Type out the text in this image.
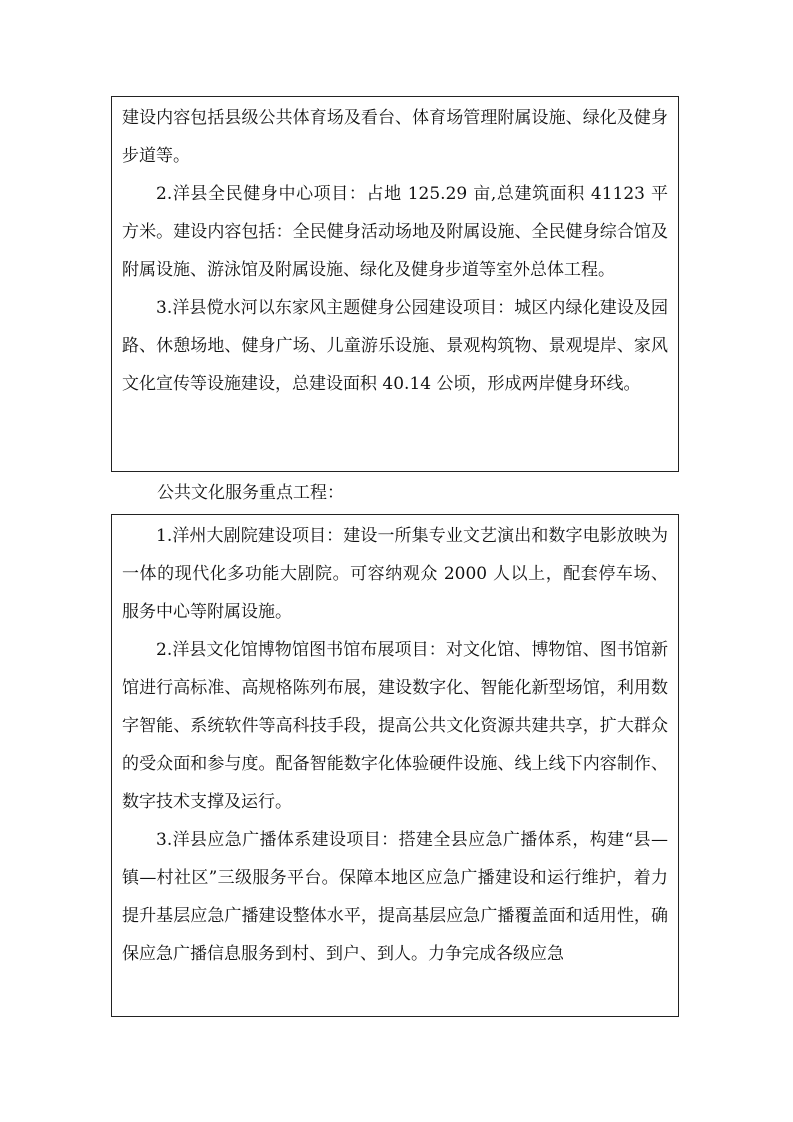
建设内容包括县级公共体育场及看台、体育场管理附属设施、绿化及健身步道等。

2.洋县全民健身中心项目：占地 125.29 亩,总建筑面积 41123 平方米。建设内容包括：全民健身活动场地及附属设施、全民健身综合馆及附属设施、游泳馆及附属设施、绿化及健身步道等室外总体工程。

3.洋县傥水河以东家风主题健身公园建设项目：城区内绿化建设及园路、休憩场地、健身广场、儿童游乐设施、景观构筑物、景观堤岸、家风文化宣传等设施建设，总建设面积 40.14 公顷，形成两岸健身环线。

公共文化服务重点工程：

1.洋州大剧院建设项目：建设一所集专业文艺演出和数字电影放映为一体的现代化多功能大剧院。可容纳观众 2000 人以上，配套停车场、服务中心等附属设施。

2.洋县文化馆博物馆图书馆布展项目：对文化馆、博物馆、图书馆新馆进行高标准、高规格陈列布展，建设数字化、智能化新型场馆，利用数字智能、系统软件等高科技手段，提高公共文化资源共建共享，扩大群众的受众面和参与度。配备智能数字化体验硬件设施、线上线下内容制作、数字技术支撑及运行。

3.洋县应急广播体系建设项目：搭建全县应急广播体系，构建“县—镇—村社区”三级服务平台。保障本地区应急广播建设和运行维护，着力提升基层应急广播建设整体水平，提高基层应急广播覆盖面和适用性，确保应急广播信息服务到村、到户、到人。力争完成各级应急
